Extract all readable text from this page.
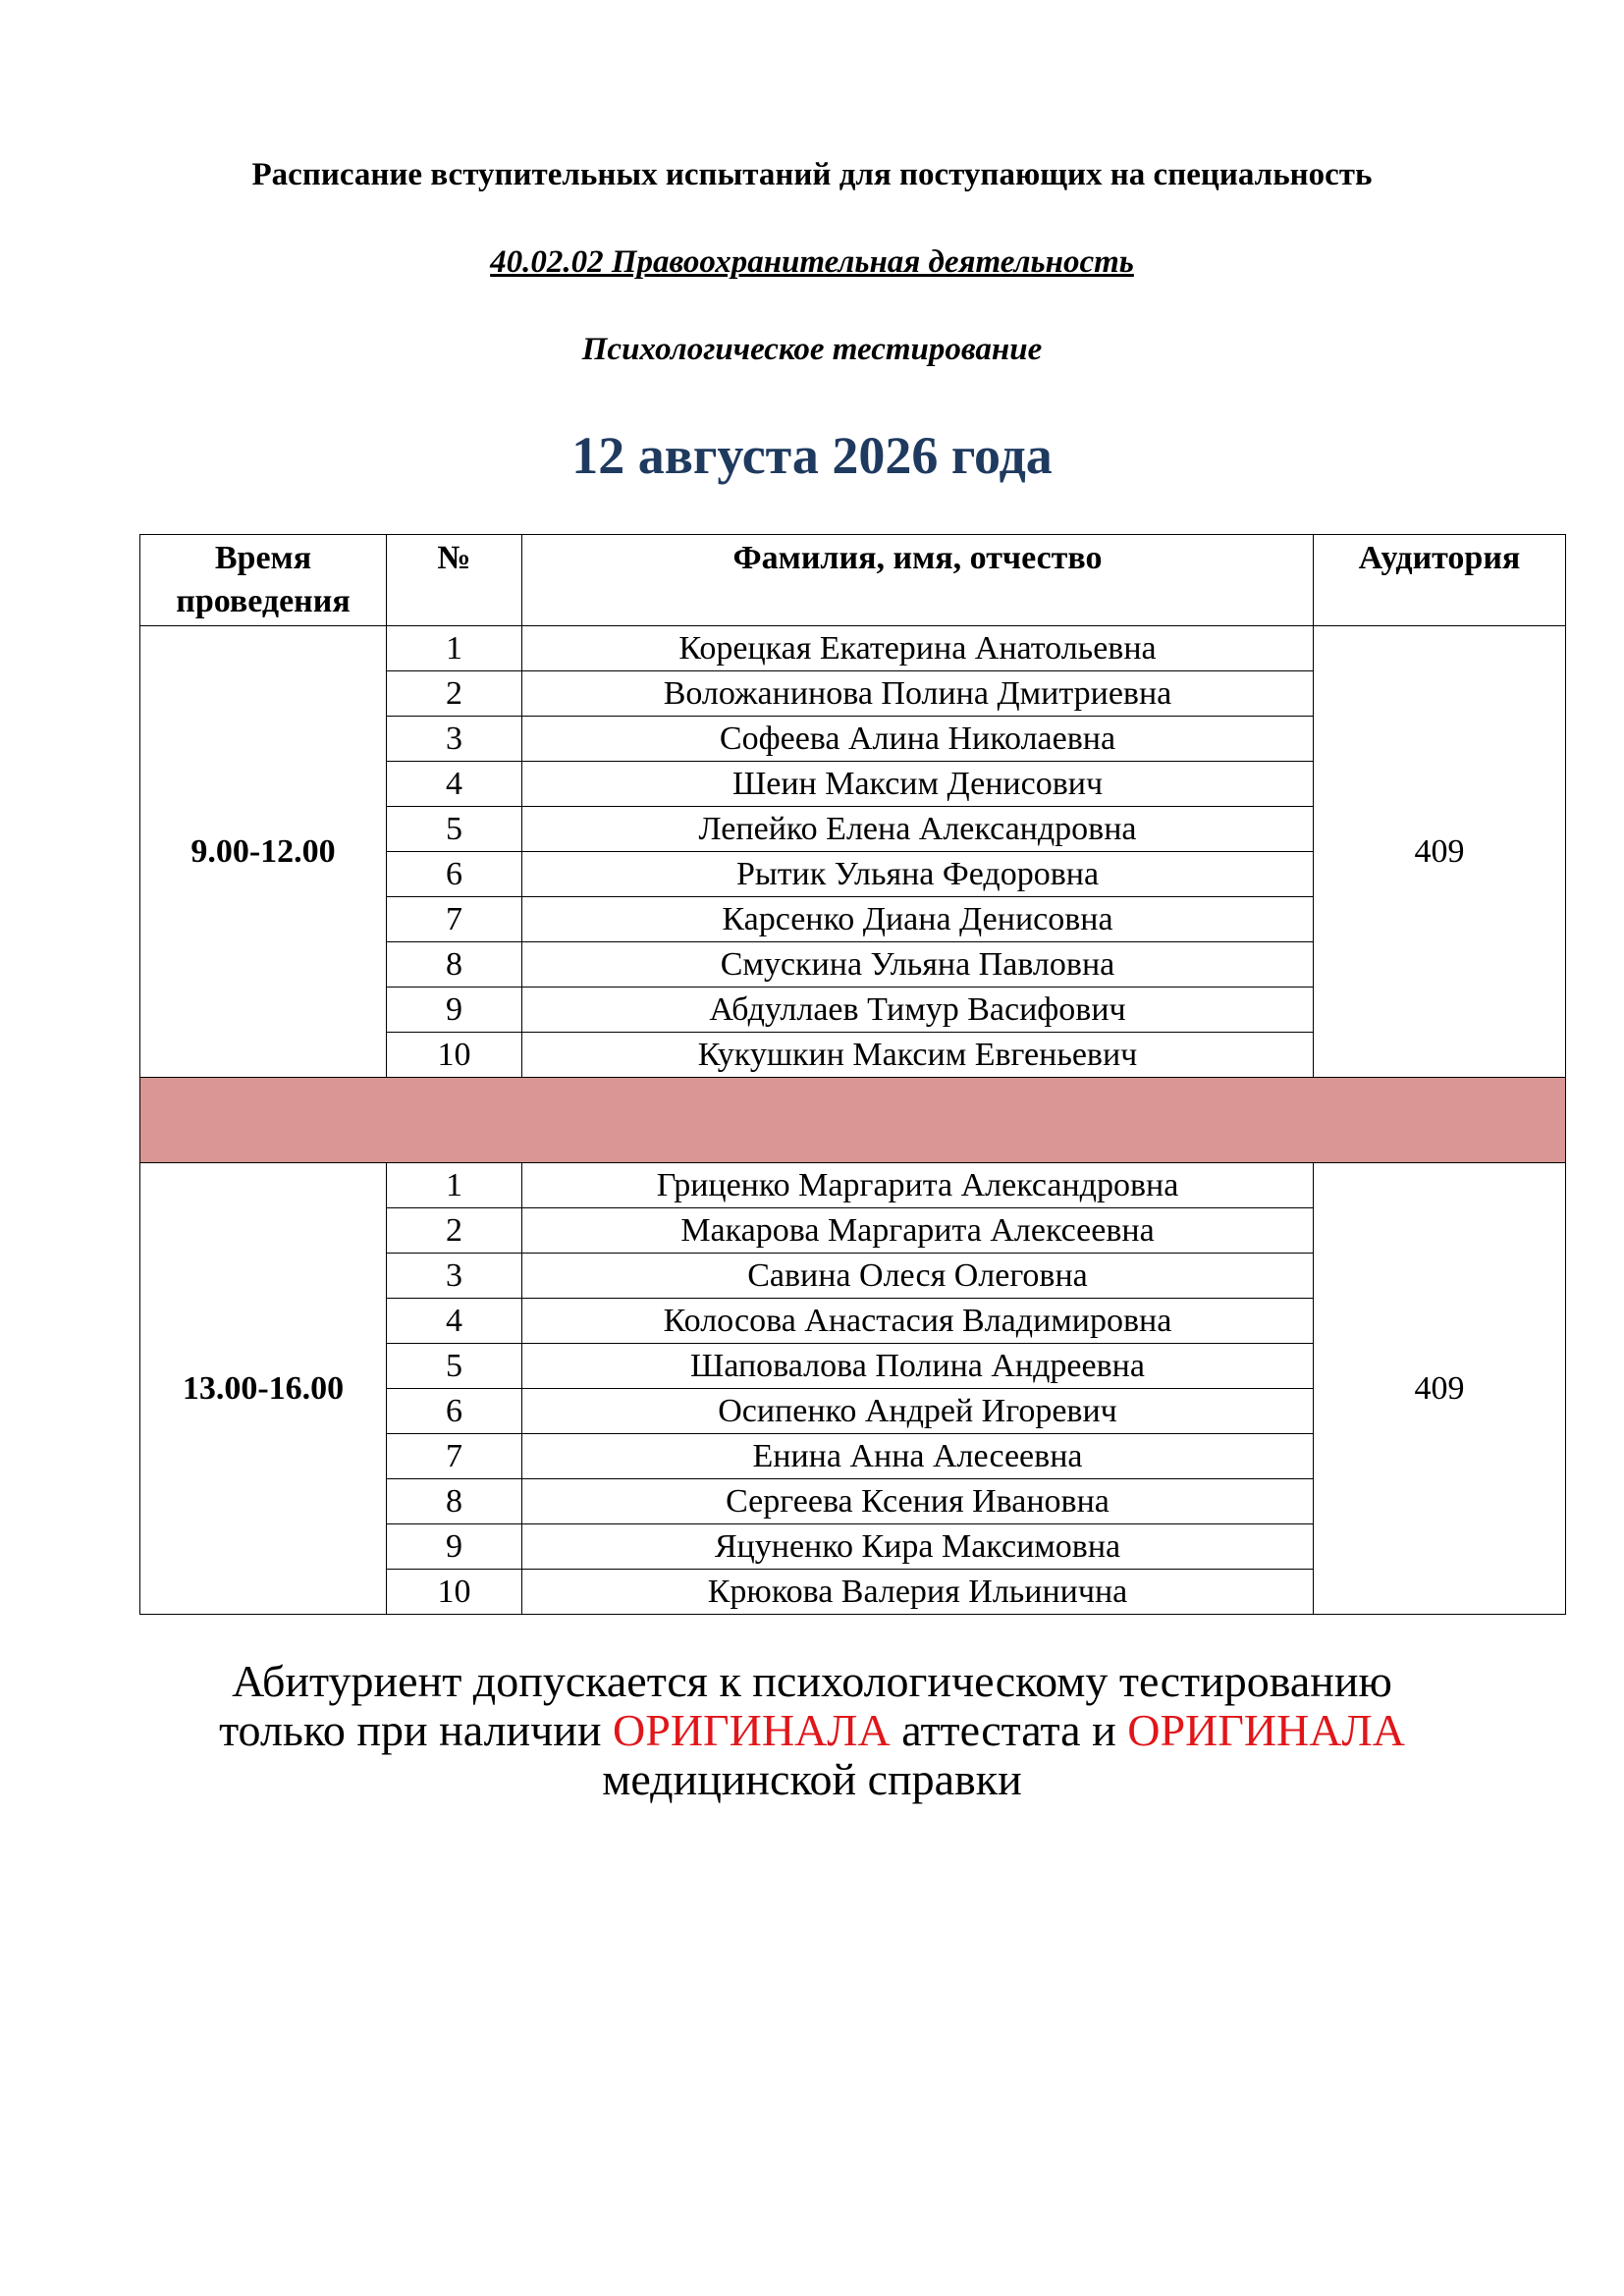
Расписание вступительных испытаний для поступающих на специальность
40.02.02 Правоохранительная деятельность
Психологическое тестирование
12 августа 2026 года
Время проведения	№	Фамилия, имя, отчество	Аудитория
9.00-12.00	1	Корецкая Екатерина Анатольевна	409
	2	Воложанинова Полина Дмитриевна	
	3	Софеева Алина Николаевна	
	4	Шеин Максим Денисович	
	5	Лепейко Елена Александровна	
	6	Рытик Ульяна Федоровна	
	7	Карсенко Диана Денисовна	
	8	Смускина Ульяна Павловна	
	9	Абдуллаев Тимур Васифович	
	10	Кукушкин Максим Евгеньевич	

13.00-16.00	1	Гриценко Маргарита Александровна	409
	2	Макарова Маргарита Алексеевна	
	3	Савина Олеся Олеговна	
	4	Колосова Анастасия Владимировна	
	5	Шаповалова Полина Андреевна	
	6	Осипенко Андрей Игоревич	
	7	Енина Анна Алесеевна	
	8	Сергеева Ксения Ивановна	
	9	Яцуненко Кира Максимовна	
	10	Крюкова Валерия Ильинична	
Абитуриент допускается к психологическому тестированию
только при наличии ОРИГИНАЛА аттестата и ОРИГИНАЛА
медицинской справки
